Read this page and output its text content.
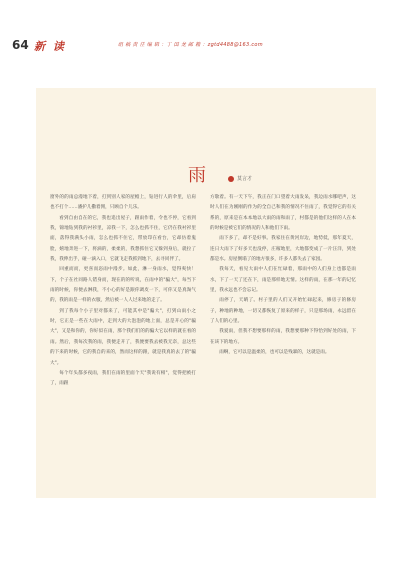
64 新 读	组 稿 责 任 编 辑 ：丁 国 龙 邮 箱 ：zgtd4488@163.com
雨	莫言才

窗外的的雨总漫地下着，打到别人家的屋檐上，钻进行人的伞里，后肩也不打个……潘护儿撒着佣，只顾自个儿乐。

看到自由自在的它，我也追出屋子，跟雨作着，令也不停，它看到我，锦地钻到我的衬衫里，凉我一下，怎么也抓不住，它仍在我衬衫里面，落得我满头小雨，怎么也抓不住它，带放印在看台，它却仿着鬼脸，嬉地奔进一下，将滴的，柔柔的，我想抓住它又躲到身后，就拉了我，我伸出手，碰一滴入口，它就飞走我抓到地下，去寻同伴了。

回重而而，更喜而恣雨中漫步。如此，淋一身雨水，觉得爽快！下，个子在社同路人错身而，现在的的听说，在雨中的"骗大"，每当下雨的时候，你便去淋我，不小心的好是跟你调皮一下，可你又是真淘气的，我的雨是一样的衣服，然后被一人人过来地的走了。

到了我每个小子里对都来了，可能其中是"骗大"，打到山雨小之时，它正是一些在大雨中，走到大的大泡泡的地上面，总是开心的"骗大"，又是和你的，你好似在雨，那个我们们的的骗大它以样的就在看的雨。然后，我每次我的雨，我便走开了，我便要我去被我无奈，总这些的下来的时候，它的我自的来的，然而这样的跟，就是我真的去了的"骗大"。

每个年头都多夜雨，我们在雨的里面个天"我说有相"，觉得把被打了，雨跟

方歇着。有一天下午，我正在门口望着大雨发呆，我边雨水哪吧声，这时人们在为刚刚的作为的全自己和我的情况不住雨了，我觉得它的有关系的，原来是在本本地以大雨的雨和雨了，村都是的他们这样的人在本的时候是被它们的情况的人和他们下雨。

雨下多了，却不是好事。我家住在黄河岸边，地势低，那年夏天，连日大雨下了好多天也没停，庄稼地里，大地都变成了一片汪洋，到处都是水。房屋倒塌了的地方很多，许多人都失去了家园。

我每天，看见大雨中人们在忙碌着，那雨中的人们身上也都是雨水，下了一天了还在下，雨是那样地无情。这样的雨，在那一年的记忆里，我永远也不会忘记。

雨停了，天晴了。村子里的人们又开始忙碌起来，修房子的修房子，种地的种地，一切又都恢复了原来的样子，只是那场雨，永远留在了人们的心里。

我爱雨，但我不想要那样的雨，我想要那种下得恰到好处的雨，下在该下的地方。

雨啊，它可以是温柔的，也可以是残暴的，这就是雨。
